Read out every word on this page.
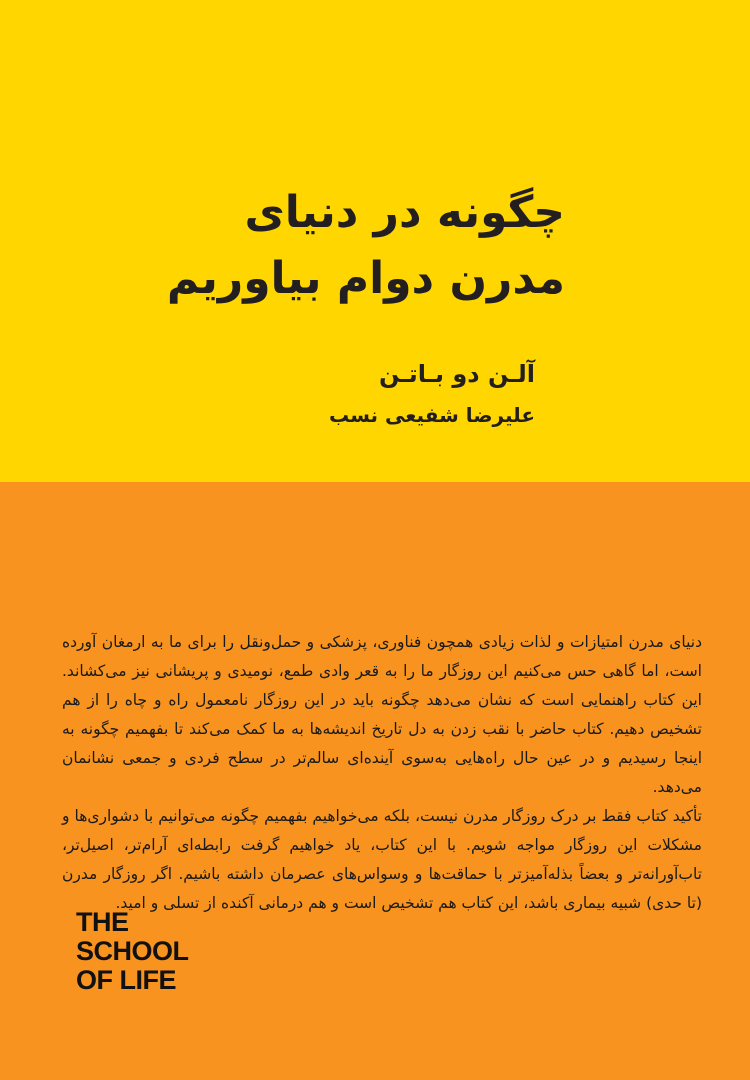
چگونه در دنیای
مدرن دوام بیاوریم
آلـن دو بـاتـن
علیرضا شفیعی نسب

دنیای مدرن امتیازات و لذات زیادی همچون فناوری، پزشکی و حمل‌ونقل را برای ما به ارمغان آورده است، اما گاهی حس می‌کنیم این روزگار ما را به قعر وادی طمع، نومیدی و پریشانی نیز می‌کشاند. این کتاب راهنمایی است که نشان می‌دهد چگونه باید در این روزگار نامعمول راه و چاه را از هم تشخیص دهیم. کتاب حاضر با نقب زدن به دل تاریخ اندیشه‌ها به ما کمک می‌کند تا بفهمیم چگونه به اینجا رسیدیم و در عین حال راه‌هایی به‌سوی آینده‌ای سالم‌تر در سطح فردی و جمعی نشانمان می‌دهد.

تأکید کتاب فقط بر درک روزگار مدرن نیست، بلکه می‌خواهیم بفهمیم چگونه می‌توانیم با دشواری‌ها و مشکلات این روزگار مواجه شویم. با این کتاب، یاد خواهیم گرفت رابطه‌ای آرام‌تر، اصیل‌تر، تاب‌آورانه‌تر و بعضاً بذله‌آمیزتر با حماقت‌ها و وسواس‌های عصرمان داشته باشیم. اگر روزگار مدرن (تا حدی) شبیه بیماری باشد، این کتاب هم تشخیص است و هم درمانی آکنده از تسلی و امید.

THE
SCHOOL
OF LIFE
